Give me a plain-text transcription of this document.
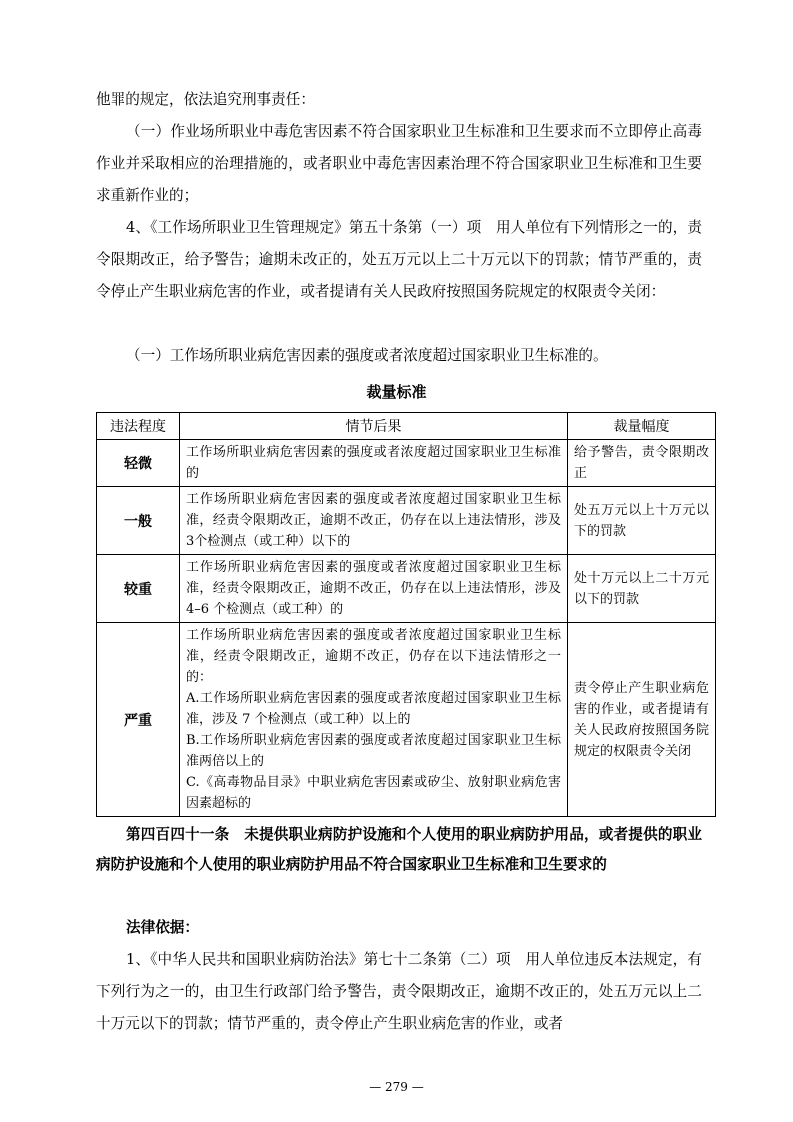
他罪的规定，依法追究刑事责任：

（一）作业场所职业中毒危害因素不符合国家职业卫生标准和卫生要求而不立即停止高毒作业并采取相应的治理措施的，或者职业中毒危害因素治理不符合国家职业卫生标准和卫生要求重新作业的；

4、《工作场所职业卫生管理规定》第五十条第（一）项　用人单位有下列情形之一的，责令限期改正，给予警告；逾期未改正的，处五万元以上二十万元以下的罚款；情节严重的，责令停止产生职业病危害的作业，或者提请有关人民政府按照国务院规定的权限责令关闭：

（一）工作场所职业病危害因素的强度或者浓度超过国家职业卫生标准的。

裁量标准
违法程度	情节后果	裁量幅度
轻微	工作场所职业病危害因素的强度或者浓度超过国家职业卫生标准的	给予警告，责令限期改正
一般	工作场所职业病危害因素的强度或者浓度超过国家职业卫生标准，经责令限期改正，逾期不改正，仍存在以上违法情形，涉及 3个检测点（或工种）以下的	处五万元以上十万元以下的罚款
较重	工作场所职业病危害因素的强度或者浓度超过国家职业卫生标准，经责令限期改正，逾期不改正，仍存在以上违法情形，涉及 4–6 个检测点（或工种）的	处十万元以上二十万元以下的罚款
严重	工作场所职业病危害因素的强度或者浓度超过国家职业卫生标准，经责令限期改正，逾期不改正，仍存在以下违法情形之一的：
A.工作场所职业病危害因素的强度或者浓度超过国家职业卫生标准，涉及 7 个检测点（或工种）以上的
B.工作场所职业病危害因素的强度或者浓度超过国家职业卫生标准两倍以上的
C.《高毒物品目录》中职业病危害因素或矽尘、放射职业病危害因素超标的	责令停止产生职业病危害的作业，或者提请有关人民政府按照国务院规定的权限责令关闭

第四百四十一条　未提供职业病防护设施和个人使用的职业病防护用品，或者提供的职业病防护设施和个人使用的职业病防护用品不符合国家职业卫生标准和卫生要求的

法律依据：

1、《中华人民共和国职业病防治法》第七十二条第（二）项　用人单位违反本法规定，有下列行为之一的，由卫生行政部门给予警告，责令限期改正，逾期不改正的，处五万元以上二十万元以下的罚款；情节严重的，责令停止产生职业病危害的作业，或者

— 279 —
